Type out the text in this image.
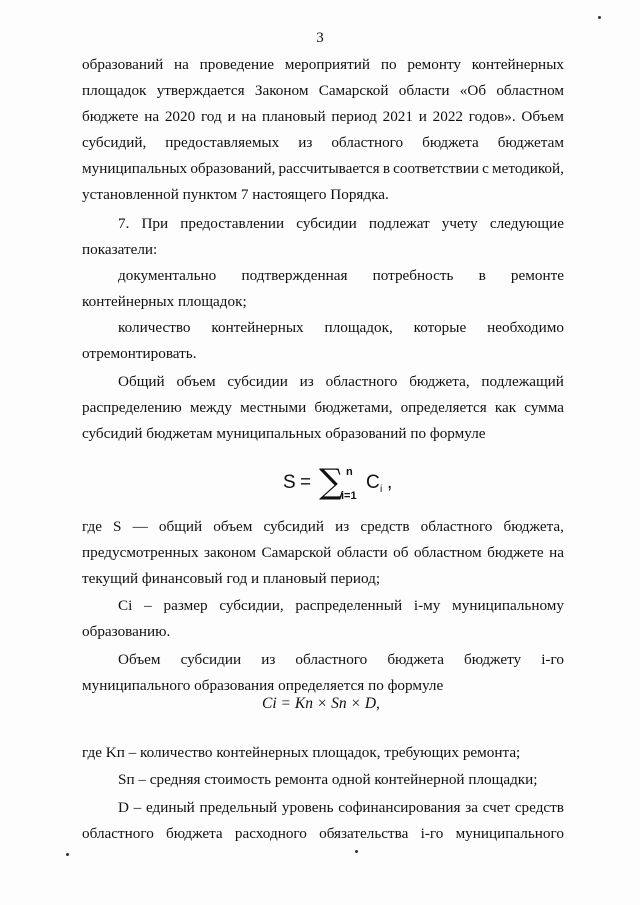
3
образований на проведение мероприятий по ремонту контейнерных
площадок утверждается Законом Самарской области «Об областном
бюджете на 2020 год и на плановый период 2021 и 2022 годов». Объем
субсидий, предоставляемых из областного бюджета бюджетам
муниципальных образований, рассчитывается в соответствии с методикой,
установленной пунктом 7 настоящего Порядка.
7. При предоставлении субсидии подлежат учету следующие
показатели:
документально подтвержденная потребность в ремонте
контейнерных площадок;
количество контейнерных площадок, которые необходимо
отремонтировать.
Общий объем субсидии из областного бюджета, подлежащий
распределению между местными бюджетами, определяется как сумма
субсидий бюджетам муниципальных образований по формуле
S = ∑ n
i=1
C i ,
где S — общий объем субсидий из средств областного бюджета,
предусмотренных законом Самарской области об областном бюджете на
текущий финансовый год и плановый период;
Ci – размер субсидии, распределенный i-му муниципальному
образованию.
Объем субсидии из областного бюджета бюджету i-го
муниципального образования определяется по формуле
Ci = Kп × Sп × D,
где Kп – количество контейнерных площадок, требующих ремонта;
Sп – средняя стоимость ремонта одной контейнерной площадки;
D – единый предельный уровень софинансирования за счет средств
областного бюджета расходного обязательства i-го муниципального
